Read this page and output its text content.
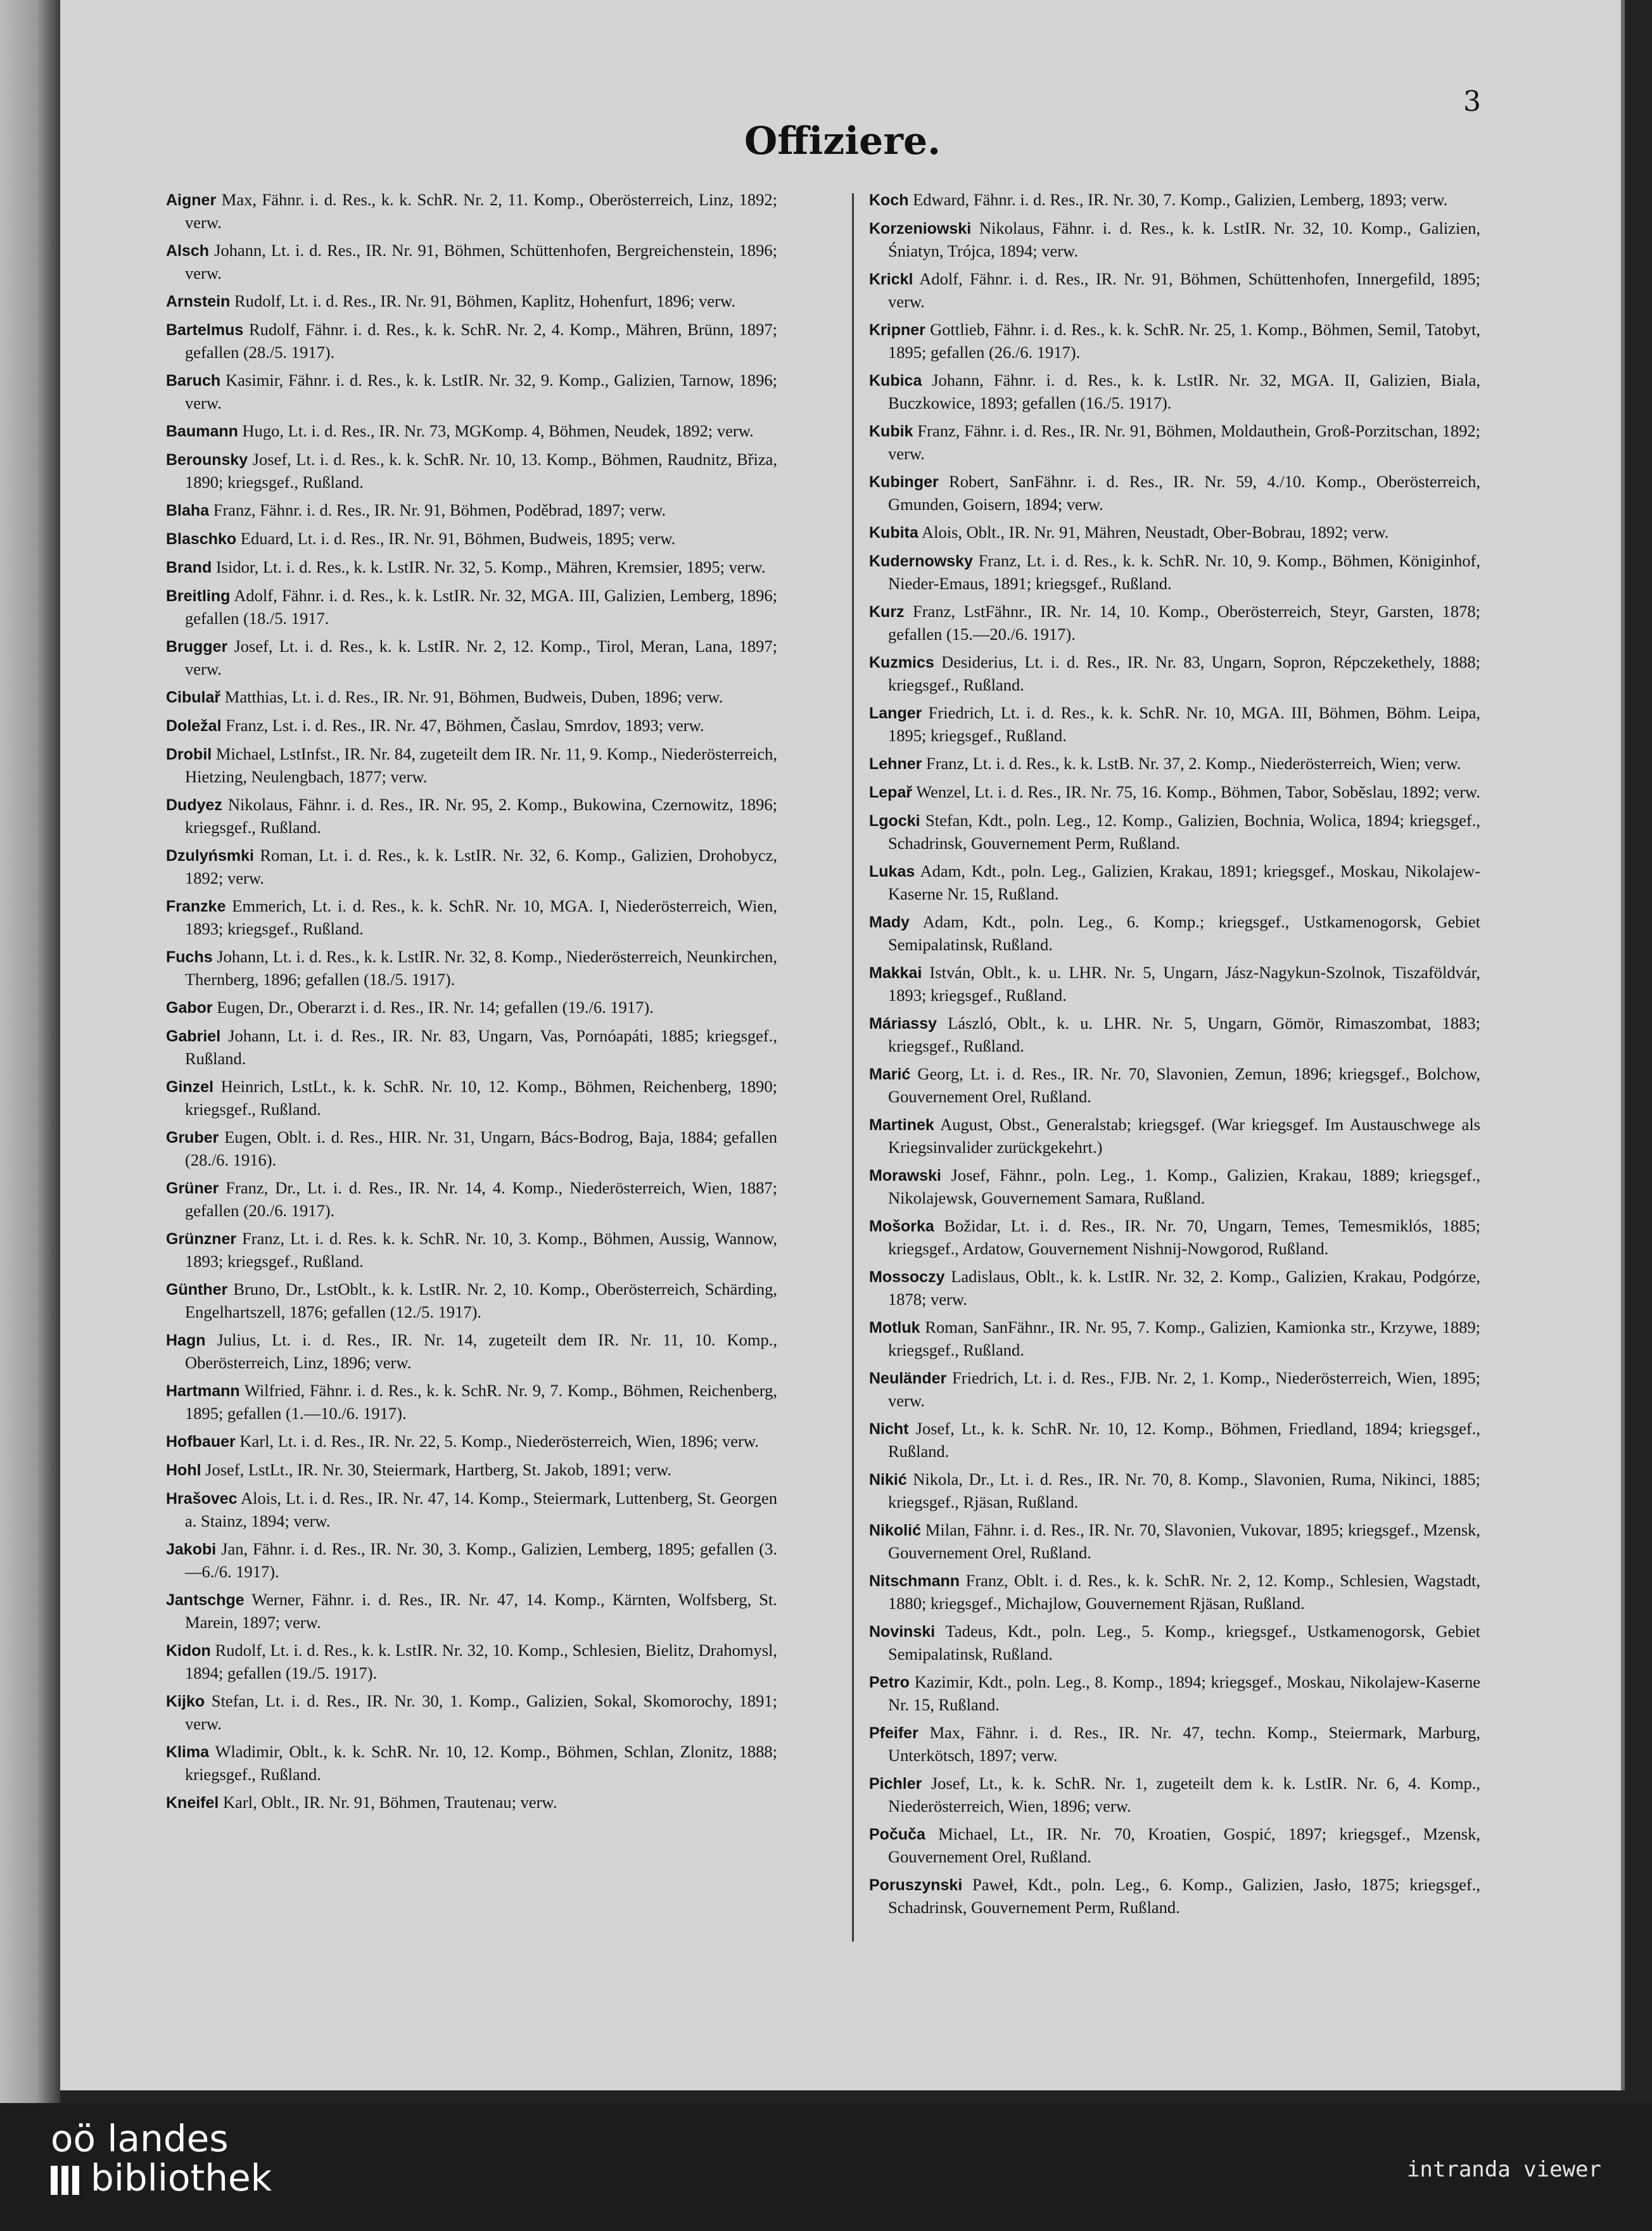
3
Offiziere.

Aigner Max, Fähnr. i. d. Res., k. k. SchR. Nr. 2, 11. Komp., Oberösterreich, Linz, 1892; verw.

Alsch Johann, Lt. i. d. Res., IR. Nr. 91, Böhmen, Schüttenhofen, Bergreichenstein, 1896; verw.

Arnstein Rudolf, Lt. i. d. Res., IR. Nr. 91, Böhmen, Kaplitz, Hohenfurt, 1896; verw.

Bartelmus Rudolf, Fähnr. i. d. Res., k. k. SchR. Nr. 2, 4. Komp., Mähren, Brünn, 1897; gefallen (28./5. 1917).

Baruch Kasimir, Fähnr. i. d. Res., k. k. LstIR. Nr. 32, 9. Komp., Galizien, Tarnow, 1896; verw.

Baumann Hugo, Lt. i. d. Res., IR. Nr. 73, MGKomp. 4, Böhmen, Neudek, 1892; verw.

Berounsky Josef, Lt. i. d. Res., k. k. SchR. Nr. 10, 13. Komp., Böhmen, Raudnitz, Břiza, 1890; kriegsgef., Rußland.

Blaha Franz, Fähnr. i. d. Res., IR. Nr. 91, Böhmen, Poděbrad, 1897; verw.

Blaschko Eduard, Lt. i. d. Res., IR. Nr. 91, Böhmen, Budweis, 1895; verw.

Brand Isidor, Lt. i. d. Res., k. k. LstIR. Nr. 32, 5. Komp., Mähren, Kremsier, 1895; verw.

Breitling Adolf, Fähnr. i. d. Res., k. k. LstIR. Nr. 32, MGA. III, Galizien, Lemberg, 1896; gefallen (18./5. 1917.

Brugger Josef, Lt. i. d. Res., k. k. LstIR. Nr. 2, 12. Komp., Tirol, Meran, Lana, 1897; verw.

Cibulař Matthias, Lt. i. d. Res., IR. Nr. 91, Böhmen, Budweis, Duben, 1896; verw.

Doležal Franz, Lst. i. d. Res., IR. Nr. 47, Böhmen, Časlau, Smrdov, 1893; verw.

Drobil Michael, LstInfst., IR. Nr. 84, zugeteilt dem IR. Nr. 11, 9. Komp., Niederösterreich, Hietzing, Neulengbach, 1877; verw.

Dudyez Nikolaus, Fähnr. i. d. Res., IR. Nr. 95, 2. Komp., Bukowina, Czernowitz, 1896; kriegsgef., Rußland.

Dzulyńsmki Roman, Lt. i. d. Res., k. k. LstIR. Nr. 32, 6. Komp., Galizien, Drohobycz, 1892; verw.

Franzke Emmerich, Lt. i. d. Res., k. k. SchR. Nr. 10, MGA. I, Niederösterreich, Wien, 1893; kriegsgef., Rußland.

Fuchs Johann, Lt. i. d. Res., k. k. LstIR. Nr. 32, 8. Komp., Niederösterreich, Neunkirchen, Thernberg, 1896; gefallen (18./5. 1917).

Gabor Eugen, Dr., Oberarzt i. d. Res., IR. Nr. 14; gefallen (19./6. 1917).

Gabriel Johann, Lt. i. d. Res., IR. Nr. 83, Ungarn, Vas, Pornóapáti, 1885; kriegsgef., Rußland.

Ginzel Heinrich, LstLt., k. k. SchR. Nr. 10, 12. Komp., Böhmen, Reichenberg, 1890; kriegsgef., Rußland.

Gruber Eugen, Oblt. i. d. Res., HIR. Nr. 31, Ungarn, Bács-Bodrog, Baja, 1884; gefallen (28./6. 1916).

Grüner Franz, Dr., Lt. i. d. Res., IR. Nr. 14, 4. Komp., Niederösterreich, Wien, 1887; gefallen (20./6. 1917).

Grünzner Franz, Lt. i. d. Res. k. k. SchR. Nr. 10, 3. Komp., Böhmen, Aussig, Wannow, 1893; kriegsgef., Rußland.

Günther Bruno, Dr., LstOblt., k. k. LstIR. Nr. 2, 10. Komp., Oberösterreich, Schärding, Engelhartszell, 1876; gefallen (12./5. 1917).

Hagn Julius, Lt. i. d. Res., IR. Nr. 14, zugeteilt dem IR. Nr. 11, 10. Komp., Oberösterreich, Linz, 1896; verw.

Hartmann Wilfried, Fähnr. i. d. Res., k. k. SchR. Nr. 9, 7. Komp., Böhmen, Reichenberg, 1895; gefallen (1.—10./6. 1917).

Hofbauer Karl, Lt. i. d. Res., IR. Nr. 22, 5. Komp., Niederösterreich, Wien, 1896; verw.

Hohl Josef, LstLt., IR. Nr. 30, Steiermark, Hartberg, St. Jakob, 1891; verw.

Hrašovec Alois, Lt. i. d. Res., IR. Nr. 47, 14. Komp., Steiermark, Luttenberg, St. Georgen a. Stainz, 1894; verw.

Jakobi Jan, Fähnr. i. d. Res., IR. Nr. 30, 3. Komp., Galizien, Lemberg, 1895; gefallen (3.—6./6. 1917).

Jantschge Werner, Fähnr. i. d. Res., IR. Nr. 47, 14. Komp., Kärnten, Wolfsberg, St. Marein, 1897; verw.

Kidon Rudolf, Lt. i. d. Res., k. k. LstIR. Nr. 32, 10. Komp., Schlesien, Bielitz, Drahomysl, 1894; gefallen (19./5. 1917).

Kijko Stefan, Lt. i. d. Res., IR. Nr. 30, 1. Komp., Galizien, Sokal, Skomorochy, 1891; verw.

Klima Wladimir, Oblt., k. k. SchR. Nr. 10, 12. Komp., Böhmen, Schlan, Zlonitz, 1888; kriegsgef., Rußland.

Kneifel Karl, Oblt., IR. Nr. 91, Böhmen, Trautenau; verw.

Koch Edward, Fähnr. i. d. Res., IR. Nr. 30, 7. Komp., Galizien, Lemberg, 1893; verw.

Korzeniowski Nikolaus, Fähnr. i. d. Res., k. k. LstIR. Nr. 32, 10. Komp., Galizien, Śniatyn, Trójca, 1894; verw.

Krickl Adolf, Fähnr. i. d. Res., IR. Nr. 91, Böhmen, Schüttenhofen, Innergefild, 1895; verw.

Kripner Gottlieb, Fähnr. i. d. Res., k. k. SchR. Nr. 25, 1. Komp., Böhmen, Semil, Tatobyt, 1895; gefallen (26./6. 1917).

Kubica Johann, Fähnr. i. d. Res., k. k. LstIR. Nr. 32, MGA. II, Galizien, Biala, Buczkowice, 1893; gefallen (16./5. 1917).

Kubik Franz, Fähnr. i. d. Res., IR. Nr. 91, Böhmen, Moldauthein, Groß-Porzitschan, 1892; verw.

Kubinger Robert, SanFähnr. i. d. Res., IR. Nr. 59, 4./10. Komp., Oberösterreich, Gmunden, Goisern, 1894; verw.

Kubita Alois, Oblt., IR. Nr. 91, Mähren, Neustadt, Ober-Bobrau, 1892; verw.

Kudernowsky Franz, Lt. i. d. Res., k. k. SchR. Nr. 10, 9. Komp., Böhmen, Königinhof, Nieder-Emaus, 1891; kriegsgef., Rußland.

Kurz Franz, LstFähnr., IR. Nr. 14, 10. Komp., Oberösterreich, Steyr, Garsten, 1878; gefallen (15.—20./6. 1917).

Kuzmics Desiderius, Lt. i. d. Res., IR. Nr. 83, Ungarn, Sopron, Répczekethely, 1888; kriegsgef., Rußland.

Langer Friedrich, Lt. i. d. Res., k. k. SchR. Nr. 10, MGA. III, Böhmen, Böhm. Leipa, 1895; kriegsgef., Rußland.

Lehner Franz, Lt. i. d. Res., k. k. LstB. Nr. 37, 2. Komp., Niederösterreich, Wien; verw.

Lepař Wenzel, Lt. i. d. Res., IR. Nr. 75, 16. Komp., Böhmen, Tabor, Soběslau, 1892; verw.

Lgocki Stefan, Kdt., poln. Leg., 12. Komp., Galizien, Bochnia, Wolica, 1894; kriegsgef., Schadrinsk, Gouvernement Perm, Rußland.

Lukas Adam, Kdt., poln. Leg., Galizien, Krakau, 1891; kriegsgef., Moskau, Nikolajew-Kaserne Nr. 15, Rußland.

Mady Adam, Kdt., poln. Leg., 6. Komp.; kriegsgef., Ustkamenogorsk, Gebiet Semipalatinsk, Rußland.

Makkai István, Oblt., k. u. LHR. Nr. 5, Ungarn, Jász-Nagykun-Szolnok, Tiszaföldvár, 1893; kriegsgef., Rußland.

Máriassy László, Oblt., k. u. LHR. Nr. 5, Ungarn, Gömör, Rimaszombat, 1883; kriegsgef., Rußland.

Marić Georg, Lt. i. d. Res., IR. Nr. 70, Slavonien, Zemun, 1896; kriegsgef., Bolchow, Gouvernement Orel, Rußland.

Martinek August, Obst., Generalstab; kriegsgef. (War kriegsgef. Im Austauschwege als Kriegsinvalider zurückgekehrt.)

Morawski Josef, Fähnr., poln. Leg., 1. Komp., Galizien, Krakau, 1889; kriegsgef., Nikolajewsk, Gouvernement Samara, Rußland.

Mošorka Božidar, Lt. i. d. Res., IR. Nr. 70, Ungarn, Temes, Temesmiklós, 1885; kriegsgef., Ardatow, Gouvernement Nishnij-Nowgorod, Rußland.

Mossoczy Ladislaus, Oblt., k. k. LstIR. Nr. 32, 2. Komp., Galizien, Krakau, Podgórze, 1878; verw.

Motluk Roman, SanFähnr., IR. Nr. 95, 7. Komp., Galizien, Kamionka str., Krzywe, 1889; kriegsgef., Rußland.

Neuländer Friedrich, Lt. i. d. Res., FJB. Nr. 2, 1. Komp., Niederösterreich, Wien, 1895; verw.

Nicht Josef, Lt., k. k. SchR. Nr. 10, 12. Komp., Böhmen, Friedland, 1894; kriegsgef., Rußland.

Nikić Nikola, Dr., Lt. i. d. Res., IR. Nr. 70, 8. Komp., Slavonien, Ruma, Nikinci, 1885; kriegsgef., Rjäsan, Rußland.

Nikolić Milan, Fähnr. i. d. Res., IR. Nr. 70, Slavonien, Vukovar, 1895; kriegsgef., Mzensk, Gouvernement Orel, Rußland.

Nitschmann Franz, Oblt. i. d. Res., k. k. SchR. Nr. 2, 12. Komp., Schlesien, Wagstadt, 1880; kriegsgef., Michajlow, Gouvernement Rjäsan, Rußland.

Novinski Tadeus, Kdt., poln. Leg., 5. Komp., kriegsgef., Ustkamenogorsk, Gebiet Semipalatinsk, Rußland.

Petro Kazimir, Kdt., poln. Leg., 8. Komp., 1894; kriegsgef., Moskau, Nikolajew-Kaserne Nr. 15, Rußland.

Pfeifer Max, Fähnr. i. d. Res., IR. Nr. 47, techn. Komp., Steiermark, Marburg, Unterkötsch, 1897; verw.

Pichler Josef, Lt., k. k. SchR. Nr. 1, zugeteilt dem k. k. LstIR. Nr. 6, 4. Komp., Niederösterreich, Wien, 1896; verw.

Počuča Michael, Lt., IR. Nr. 70, Kroatien, Gospić, 1897; kriegsgef., Mzensk, Gouvernement Orel, Rußland.

Poruszynski Paweł, Kdt., poln. Leg., 6. Komp., Galizien, Jasło, 1875; kriegsgef., Schadrinsk, Gouvernement Perm, Rußland.

oö landes
bibliothek	intranda viewer
